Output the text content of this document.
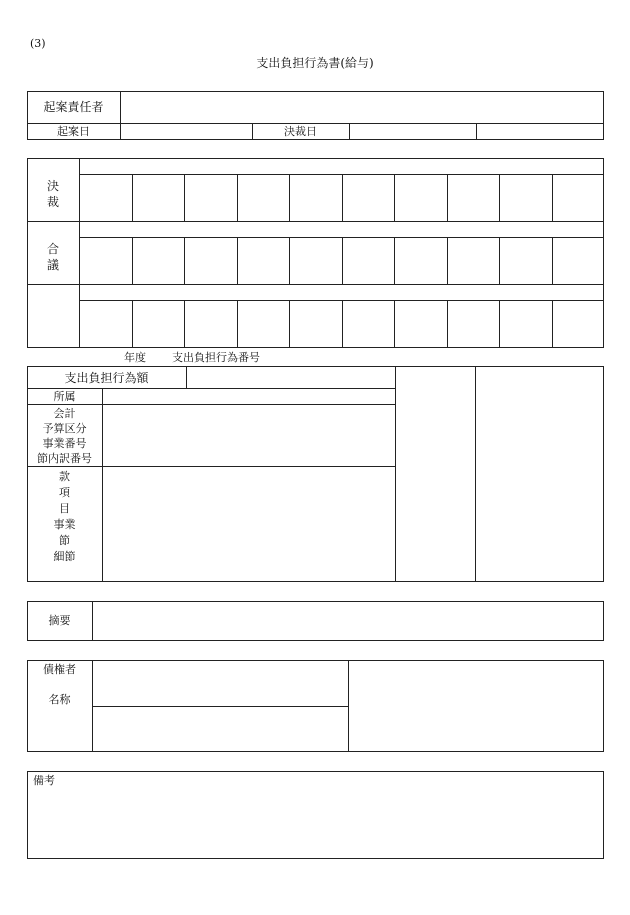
(3)
支出負担行為書(給与)
起案責任者
起案日	決裁日
決
裁
合
議
年度 支出負担行為番号
支出負担行為額
所属
会計
予算区分
事業番号
節内訳番号
款
項
目
事業
節
細節
摘要
債権者
名称
備考
